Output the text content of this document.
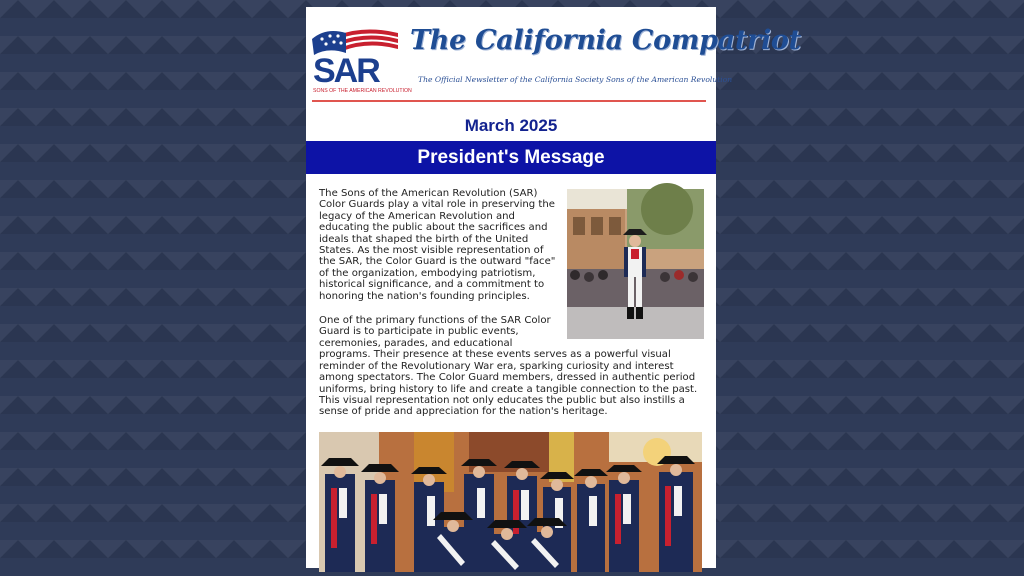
SAR
SONS OF THE AMERICAN REVOLUTION
The California Compatriot
The Official Newsletter of the California Society Sons of the American Revolution
March 2025
President's Message

The Sons of the American Revolution (SAR) Color Guards play a vital role in preserving the legacy of the American Revolution and educating the public about the sacrifices and ideals that shaped the birth of the United States. As the most visible representation of the SAR, the Color Guard is the outward "face" of the organization, embodying patriotism, historical significance, and a commitment to honoring the nation's founding principles.

One of the primary functions of the SAR Color Guard is to participate in public events, ceremonies, parades, and educational programs. Their presence at these events serves as a powerful visual reminder of the Revolutionary War era, sparking curiosity and interest among spectators. The Color Guard members, dressed in authentic period uniforms, bring history to life and create a tangible connection to the past. This visual representation not only educates the public but also instills a sense of pride and appreciation for the nation's heritage.
